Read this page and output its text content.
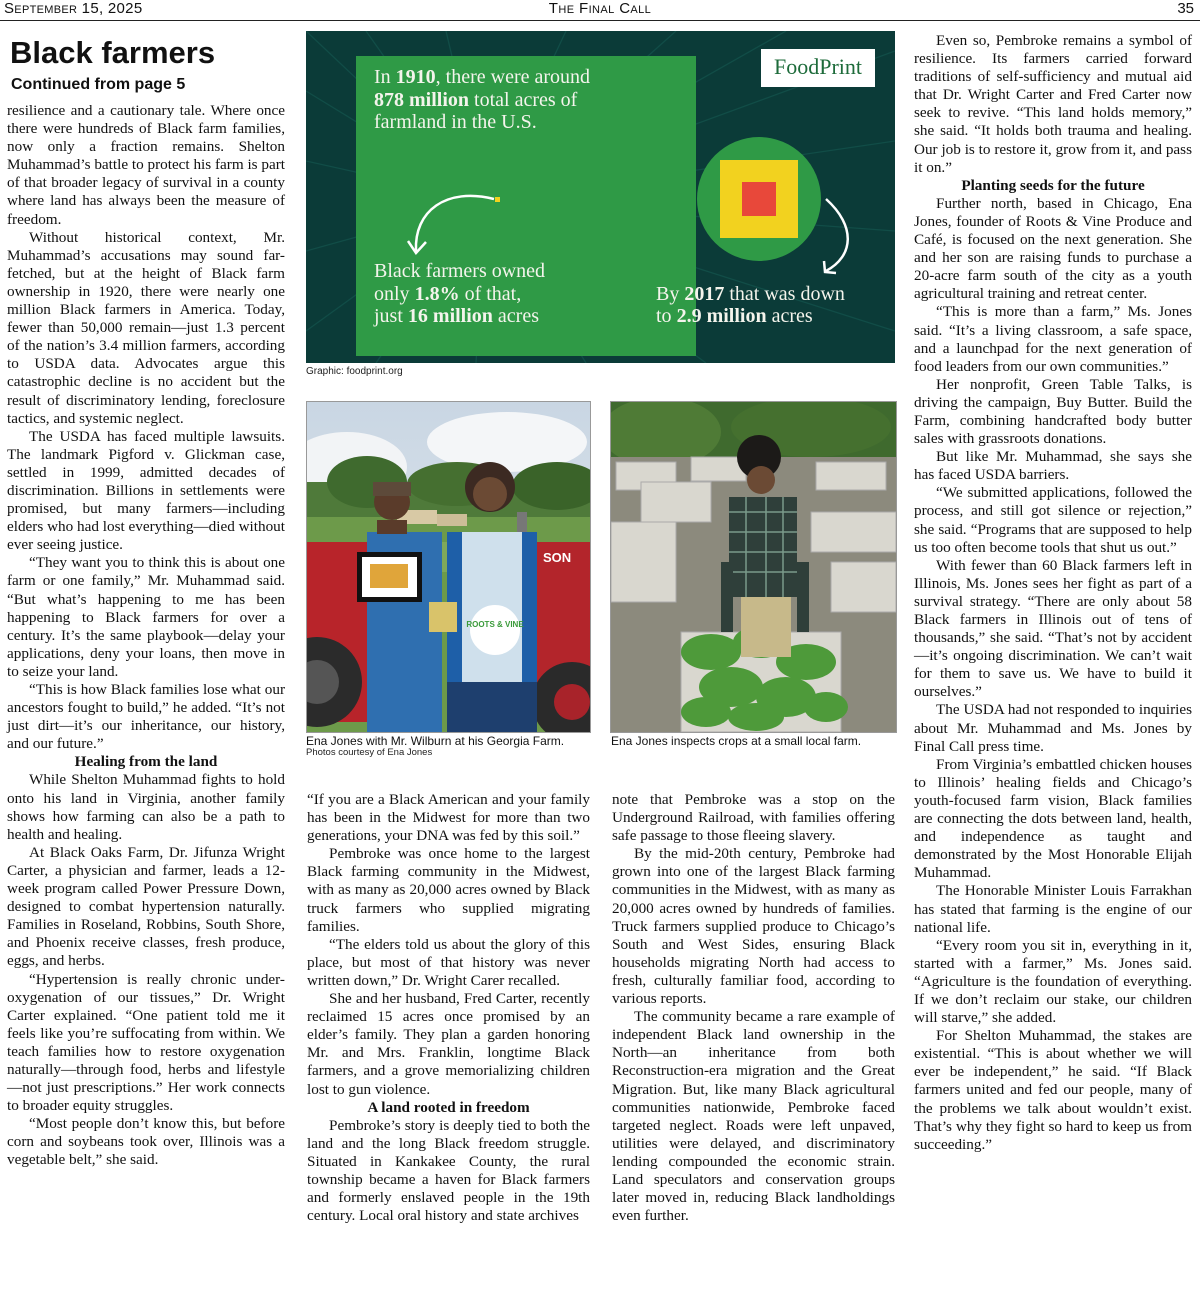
September 15, 2025	The Final Call	35
Black farmers
Continued from page 5

resilience and a cautionary tale. Where once there were hundreds of Black farm families, now only a fraction remains. Shelton Muhammad’s battle to protect his farm is part of that broader legacy of survival in a county where land has always been the measure of freedom.

Without historical context, Mr. Muhammad’s accusations may sound far-fetched, but at the height of Black farm ownership in 1920, there were nearly one million Black farmers in America. Today, fewer than 50,000 remain—just 1.3 percent of the nation’s 3.4 million farmers, according to USDA data. Advocates argue this catastrophic decline is no accident but the result of discriminatory lending, foreclosure tactics, and systemic neglect.

The USDA has faced multiple lawsuits. The landmark Pigford v. Glickman case, settled in 1999, admitted decades of discrimination. Billions in settlements were promised, but many farmers—including elders who had lost everything—died without ever seeing justice.

“They want you to think this is about one farm or one family,” Mr. Muhammad said. “But what’s happening to me has been happening to Black farmers for over a century. It’s the same playbook—delay your applications, deny your loans, then move in to seize your land.

“This is how Black families lose what our ancestors fought to build,” he added. “It’s not just dirt—it’s our inheritance, our history, and our future.”

Healing from the land

While Shelton Muhammad fights to hold onto his land in Virginia, another family shows how farming can also be a path to health and healing.

At Black Oaks Farm, Dr. Jifunza Wright Carter, a physician and farmer, leads a 12-week program called Power Pressure Down, designed to combat hypertension naturally. Families in Roseland, Robbins, South Shore, and Phoenix receive classes, fresh produce, eggs, and herbs.

“Hypertension is really chronic under-oxygenation of our tissues,” Dr. Wright Carter explained. “One patient told me it feels like you’re suffocating from within. We teach families how to restore oxygenation naturally—through food, herbs and lifestyle—not just prescriptions.” Her work connects to broader equity struggles.

“Most people don’t know this, but before corn and soybeans took over, Illinois was a vegetable belt,” she said.

FoodPrint
In 1910, there were around
878 million total acres of
farmland in the U.S.
Black farmers owned
only 1.8% of that,
just 16 million acres
By 2017 that was down
to 2.9 million acres
Graphic: foodprint.org
SON
ROOTS & VINE
Ena Jones with Mr. Wilburn at his Georgia Farm.
Photos courtesy of Ena Jones
Ena Jones inspects crops at a small local farm.

“If you are a Black American and your family has been in the Midwest for more than two generations, your DNA was fed by this soil.”

Pembroke was once home to the largest Black farming community in the Midwest, with as many as 20,000 acres owned by Black truck farmers who supplied migrating families.

“The elders told us about the glory of this place, but most of that history was never written down,” Dr. Wright Carer recalled.

She and her husband, Fred Carter, recently reclaimed 15 acres once promised by an elder’s family. They plan a garden honoring Mr. and Mrs. Franklin, longtime Black farmers, and a grove memorializing children lost to gun violence.

A land rooted in freedom

Pembroke’s story is deeply tied to both the land and the long Black freedom struggle. Situated in Kankakee County, the rural township became a haven for Black farmers and formerly enslaved people in the 19th century. Local oral history and state archives

note that Pembroke was a stop on the Underground Railroad, with families offering safe passage to those fleeing slavery.

By the mid-20th century, Pembroke had grown into one of the largest Black farming communities in the Midwest, with as many as 20,000 acres owned by hundreds of families. Truck farmers supplied produce to Chicago’s South and West Sides, ensuring Black households migrating North had access to fresh, culturally familiar food, according to various reports.

The community became a rare example of independent Black land ownership in the North—an inheritance from both Reconstruction-era migration and the Great Migration. But, like many Black agricultural communities nationwide, Pembroke faced targeted neglect. Roads were left unpaved, utilities were delayed, and discriminatory lending compounded the economic strain. Land speculators and conservation groups later moved in, reducing Black landholdings even further.

Even so, Pembroke remains a symbol of resilience. Its farmers carried forward traditions of self-sufficiency and mutual aid that Dr. Wright Carter and Fred Carter now seek to revive. “This land holds memory,” she said. “It holds both trauma and healing. Our job is to restore it, grow from it, and pass it on.”

Planting seeds for the future

Further north, based in Chicago, Ena Jones, founder of Roots & Vine Produce and Café, is focused on the next generation. She and her son are raising funds to purchase a 20-acre farm south of the city as a youth agricultural training and retreat center.

“This is more than a farm,” Ms. Jones said. “It’s a living classroom, a safe space, and a launchpad for the next generation of food leaders from our own communities.”

Her nonprofit, Green Table Talks, is driving the campaign, Buy Butter. Build the Farm, combining handcrafted body butter sales with grassroots donations.

But like Mr. Muhammad, she says she has faced USDA barriers.

“We submitted applications, followed the process, and still got silence or rejection,” she said. “Programs that are supposed to help us too often become tools that shut us out.”

With fewer than 60 Black farmers left in Illinois, Ms. Jones sees her fight as part of a survival strategy. “There are only about 58 Black farmers in Illinois out of tens of thousands,” she said. “That’s not by accident—it’s ongoing discrimination. We can’t wait for them to save us. We have to build it ourselves.”

The USDA had not responded to inquiries about Mr. Muhammad and Ms. Jones by Final Call press time.

From Virginia’s embattled chicken houses to Illinois’ healing fields and Chicago’s youth-focused farm vision, Black families are connecting the dots between land, health, and independence as taught and demonstrated by the Most Honorable Elijah Muhammad.

The Honorable Minister Louis Farrakhan has stated that farming is the engine of our national life.

“Every room you sit in, everything in it, started with a farmer,” Ms. Jones said. “Agriculture is the foundation of everything. If we don’t reclaim our stake, our children will starve,” she added.

For Shelton Muhammad, the stakes are existential. “This is about whether we will ever be independent,” he said. “If Black farmers united and fed our people, many of the problems we talk about wouldn’t exist. That’s why they fight so hard to keep us from succeeding.”
